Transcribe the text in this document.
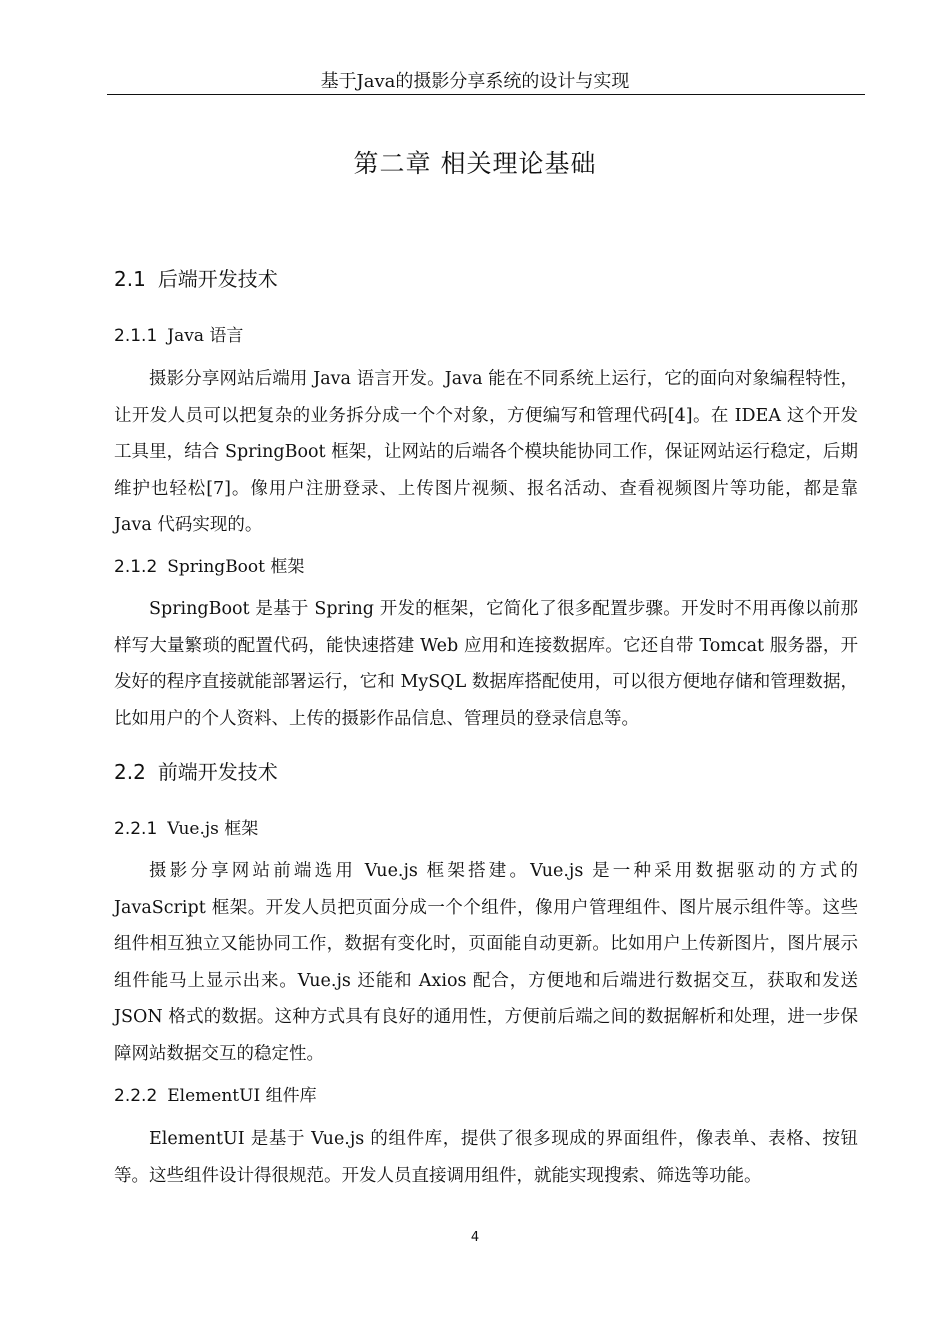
基于Java的摄影分享系统的设计与实现
第二章 相关理论基础
2.1 后端开发技术
2.1.1 Java 语言

摄影分享网站后端用 Java 语言开发。Java 能在不同系统上运行，它的面向对象编程特性，让开发人员可以把复杂的业务拆分成一个个对象，方便编写和管理代码[4]。在 IDEA 这个开发工具里，结合 SpringBoot 框架，让网站的后端各个模块能协同工作，保证网站运行稳定，后期维护也轻松[7]。像用户注册登录、上传图片视频、报名活动、查看视频图片等功能，都是靠 Java 代码实现的。

2.1.2 SpringBoot 框架

SpringBoot 是基于 Spring 开发的框架，它简化了很多配置步骤。开发时不用再像以前那样写大量繁琐的配置代码，能快速搭建 Web 应用和连接数据库。它还自带 Tomcat 服务器，开发好的程序直接就能部署运行，它和 MySQL 数据库搭配使用，可以很方便地存储和管理数据，比如用户的个人资料、上传的摄影作品信息、管理员的登录信息等。

2.2 前端开发技术
2.2.1 Vue.js 框架

摄影分享网站前端选用 Vue.js 框架搭建。Vue.js 是一种采用数据驱动的方式的 JavaScript 框架。开发人员把页面分成一个个组件，像用户管理组件、图片展示组件等。这些组件相互独立又能协同工作，数据有变化时，页面能自动更新。比如用户上传新图片，图片展示组件能马上显示出来。Vue.js 还能和 Axios 配合，方便地和后端进行数据交互，获取和发送 JSON 格式的数据。这种方式具有良好的通用性，方便前后端之间的数据解析和处理，进一步保障网站数据交互的稳定性。

2.2.2 ElementUI 组件库

ElementUI 是基于 Vue.js 的组件库，提供了很多现成的界面组件，像表单、表格、按钮等。这些组件设计得很规范。开发人员直接调用组件，就能实现搜索、筛选等功能。

4
